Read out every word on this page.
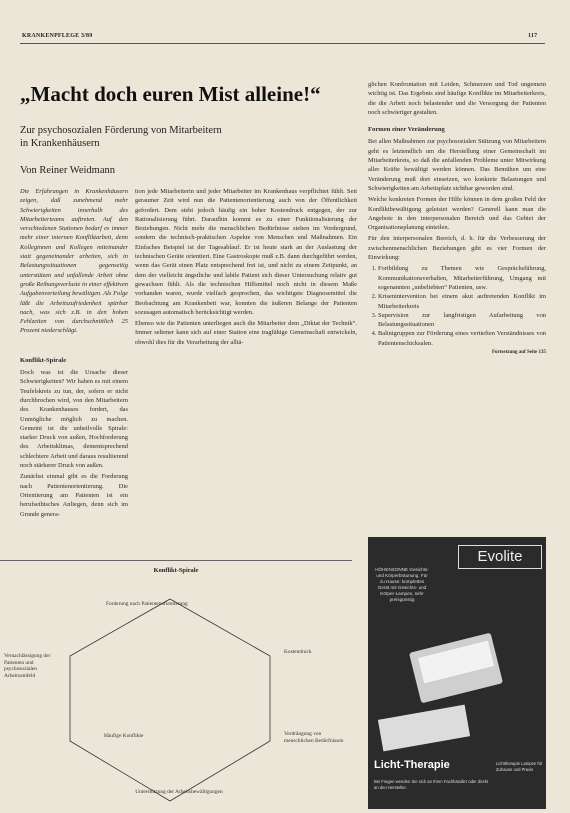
KRANKENPFLEGE 3/89	117
„Macht doch euren Mist alleine!“
Zur psychosozialen Förderung von Mitarbeitern
in Krankenhäusern
Von Reiner Weidmann

Die Erfahrungen in Krankenhäusern zeigen, daß zunehmend mehr Schwierigkeiten innerhalb des Mitarbeiterteams auftreten. Auf den verschiedenen Stationen bedarf es immer mehr einer internen Konfliktarbeit, denn Kolleginnen und Kollegen miteinander statt gegeneinander arbeiten, sich in Belastungssituationen gegenseitig unterstützen und unfallende Arbeit ohne große Reibungsverluste in einer effektiven Aufgabenverteilung bewältigen. Als Folge läßt die Arbeitszufriedenheit spürbar nach, was sich z.B. in den hohen Fehlzeiten von durchschnittlich 25 Prozent niederschlägt.

Konflikt-Spirale

Doch was ist die Ursache dieser Schwierigkeiten? Wir haben es mit einem Teufelskreis zu tun, der, sofern er nicht durchbrochen wird, von den Mitarbeitern des Krankenhauses fordert, das Unmögliche möglich zu machen. Gemeint ist die unheilvolle Spirale: starker Druck von außen, Hochforderung des Arbeitsklimas, dementsprechend schlechtere Arbeit und daraus resultierend noch stärkerer Druck von außen.

Zunächst einmal gibt es die Forderung nach Patientenorientierung. Die Orientierung am Patienten ist ein berufsethisches Anliegen, denn sich im Grunde genera-

tion jede Mitarbeiterin und jeder Mitarbeiter im Krankenhaus verpflichtet fühlt. Seit geraumer Zeit wird nun die Patientenorientierung auch von der Öffentlichkeit gefordert. Dem steht jedoch häufig ein hoher Kostendruck entgegen, der zur Rationalisierung führt. Daraufhin kommt es zu einer Funktionalisierung der Beziehungen. Nicht mehr die menschlichen Bedürfnisse stehen im Vordergrund, sondern die technisch-praktischen Aspekte von Menschen und Maßnahmen. Ein Einfaches Beispiel ist der Tagesablauf. Er ist heute stark an der Auslastung der technischen Geräte orientiert. Eine Gastroskopie muß z.B. dann durchgeführt werden, wenn das Gerät einen Platz entsprechend frei ist, und nicht zu einem Zeitpunkt, an dem der vielleicht ängstliche und labile Patient sich dieser Untersuchung relativ gut gewachsen fühlt. Als die technischen Hilfsmittel noch nicht in diesem Maße vorhanden waren, wurde vielfach gesprochen, das wichtigste Diagnosemittel die Beobachtung am Krankenbett war, konnten die äußeren Belange der Patienten sozusagen automatisch berücksichtigt werden.

Ebenso wie die Patienten unterliegen auch die Mitarbeiter dem „Diktat der Technik“. Immer seltener kann sich auf einer Station eine tragfähige Gemeinschaft entwickeln, obwohl dies für die Verarbeitung der alltä-

glichen Konfrontation mit Leiden, Schmerzen und Tod ungemein wichtig ist. Das Ergebnis sind häufige Konflikte im Mitarbeiterkreis, die die Arbeit noch belastender und die Versorgung der Patienten noch schwieriger gestalten.

Formen einer Veränderung

Bei allen Maßnahmen zur psychosozialen Stützung von Mitarbeitern geht es letztendlich um die Herstellung einer Gemeinschaft im Mitarbeiterkreis, so daß die anfallenden Probleme unter Mitwirkung aller Kräfte bewältigt werden können. Das Bemühen um eine Veränderung muß dort einsetzen, wo konkrete Belastungen und Schwierigkeiten am Arbeitsplatz sichtbar geworden sind.

Welche konkreten Formen der Hilfe können in dem großen Feld der Konfliktbewältigung geleistet werden? Generell kann man die Angebote in den interpersonalen Bereich und das Gebiet der Organisationsplanung einteilen.

Für den interpersonalen Bereich, d. h. für die Verbesserung der zwischenmenschlichen Beziehungen gibt es vier Formen der Einwirkung:

1. Fortbildung zu Themen wie Gesprächsführung, Kommunikationsverhalten, Mitarbeiterführung, Umgang mit sogenannten „unbeliebten“ Patienten, usw.
2. Krisenintervention bei einem akut auftretenden Konflikt im Mitarbeiterkreis
3. Supervision zur langfristigen Aufarbeitung von Belastungssituationen
4. Balintgruppen zur Förderung eines vertieften Verständnisses von Patientenschicksalen.
Fortsetzung auf Seite 135
Konflikt-Spirale
Forderung nach Patientenorientierung
Kostendruck
Verdrängung von menschlichen Bedürfnissen
Unterstützung der Arbeitsbewältigungen
Häufige Konflikte
Vernachlässigung der Patienten und psychosozialen Arbeitsumfeld
Evolite
HÖHENSONNE Gesichts- und Körperbräunung. Für zu Hause: komplettes Gerät mit Gesichts- und Körper-Lampen, sehr preisgünstig
Licht-Therapie
Bei Fragen wenden Sie sich an Ihren Fachhändler oder direkt an den Hersteller.
Lichttherapie Lampen für Zuhause und Praxis
